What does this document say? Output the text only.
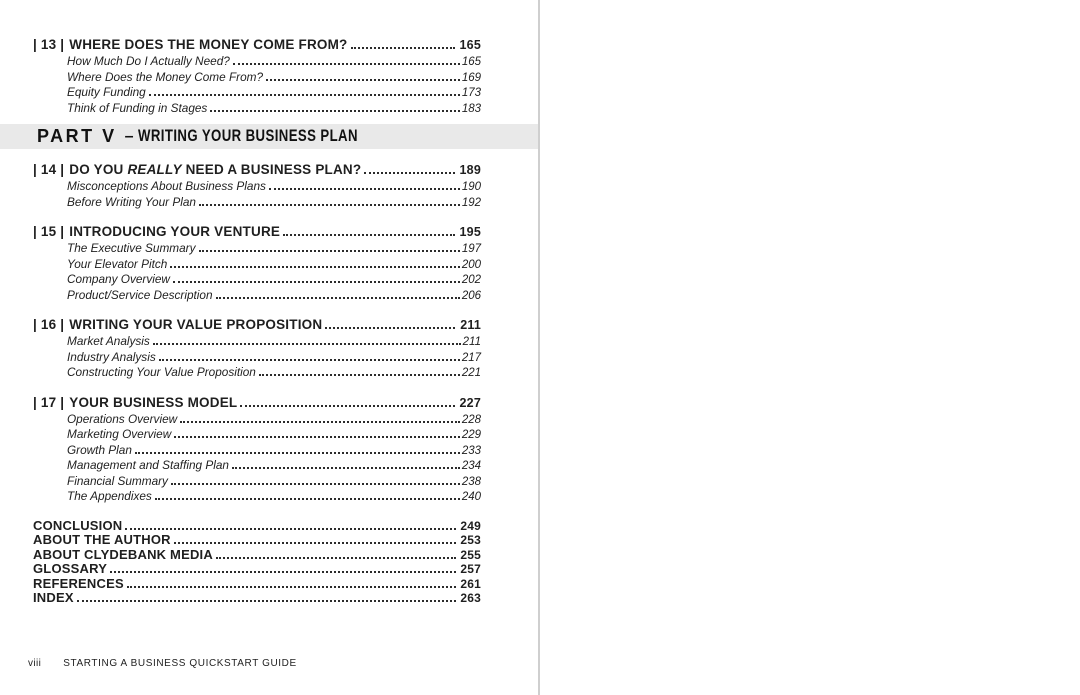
| 13 | WHERE DOES THE MONEY COME FROM?	165
How Much Do I Actually Need?	165
Where Does the Money Come From?	169
Equity Funding	173
Think of Funding in Stages	183
PART V – WRITING YOUR BUSINESS PLAN
| 14 | DO YOU REALLY NEED A BUSINESS PLAN?	189
Misconceptions About Business Plans	190
Before Writing Your Plan	192
| 15 | INTRODUCING YOUR VENTURE	195
The Executive Summary	197
Your Elevator Pitch	200
Company Overview	202
Product/Service Description	206
| 16 | WRITING YOUR VALUE PROPOSITION	211
Market Analysis	211
Industry Analysis	217
Constructing Your Value Proposition	221
| 17 | YOUR BUSINESS MODEL	227
Operations Overview	228
Marketing Overview	229
Growth Plan	233
Management and Staffing Plan	234
Financial Summary	238
The Appendixes	240
CONCLUSION	249
ABOUT THE AUTHOR	253
ABOUT CLYDEBANK MEDIA	255
GLOSSARY	257
REFERENCES	261
INDEX	263
viii STARTING A BUSINESS QUICKSTART GUIDE
